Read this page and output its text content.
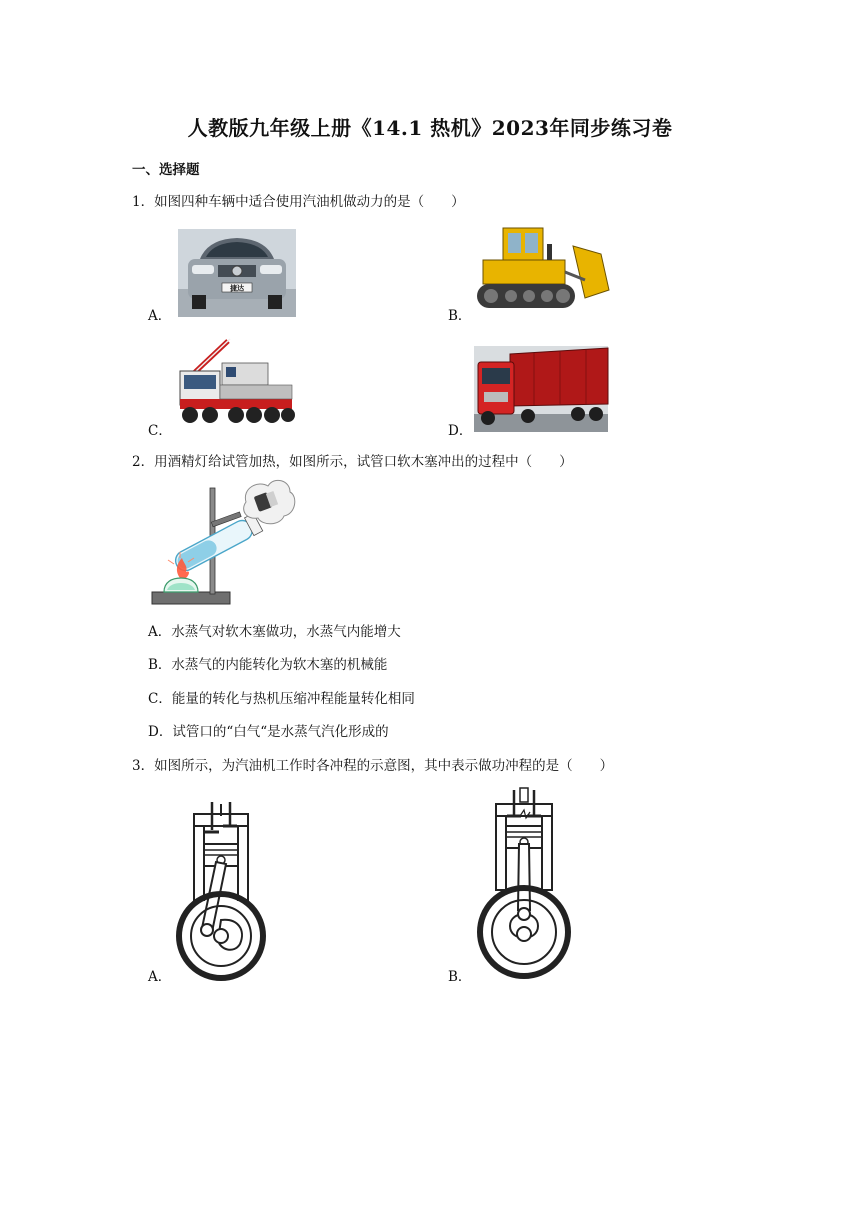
人教版九年级上册《14.1 热机》2023年同步练习卷
一、选择题
1．如图四种车辆中适合使用汽油机做动力的是（　　）
捷达
A．	B．
C．	D．
2．用酒精灯给试管加热，如图所示，试管口软木塞冲出的过程中（　　）
A．水蒸气对软木塞做功，水蒸气内能增大
B．水蒸气的内能转化为软木塞的机械能
C．能量的转化与热机压缩冲程能量转化相同
D．试管口的“白气“是水蒸气汽化形成的
3．如图所示，为汽油机工作时各冲程的示意图，其中表示做功冲程的是（　　）
A．	B．
